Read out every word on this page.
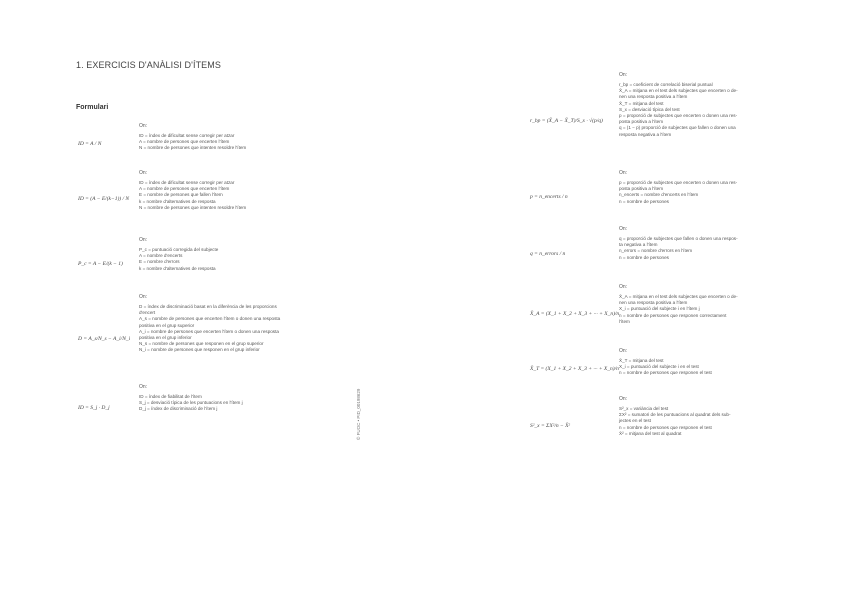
1. EXERCICIS D'ANÀLISI D'ÍTEMS
Formulari
ID = A / N
On:
ID = índex de dificultat sense corregir per atzar
A = nombre de persones que encerten l'ítem
N = nombre de persones que intenten resoldre l'ítem
ID = (A − E/(k−1)) / N
On:
ID = índex de dificultat sense corregir per atzar
A = nombre de persones que encerten l'ítem
E = nombre de persones que fallen l'ítem
k = nombre d'alternatives de resposta
N = nombre de persones que intenten resoldre l'ítem
P_c = A − E/(k − 1)
On:
P_c = puntuació corregida del subjecte
A = nombre d'encerts
E = nombre d'errors
k = nombre d'alternatives de resposta
D = A_s/N_s − A_i/N_i
On:
D = índex de discriminació basat en la diferència de les proporcions
d'encert
A_s = nombre de persones que encerten l'ítem o donen una resposta
positiva en el grup superior
A_i = nombre de persones que encerten l'ítem o donen una resposta
positiva en el grup inferior
N_s = nombre de persones que responen en el grup superior
N_i = nombre de persones que responen en el grup inferior
ID = S_j · D_j
On:
ID = índex de fiabilitat de l'ítem
S_j = desviació típica de les puntuacions en l'ítem j
D_j = índex de discriminació de l'ítem j	© FUOC • PID_00198629
r_bp = (X̄_A − X̄_T)/S_x · √(p/q)
On:
r_bp = coeficient de correlació biserial puntual
X̄_A = mitjana en el test dels subjectes que encerten o de-
nen una resposta positiva a l'ítem
X̄_T = mitjana del test
S_x = desviació típica del test
p = proporció de subjectes que encerten o donen una res-
posta positiva a l'ítem
q = (1 − p) proporció de subjectes que fallen o donen una
resposta negativa a l'ítem
p = n_encerts / n
On:
p = proporció de subjectes que encerten o donen una res-
posta positiva a l'ítem
n_encerts = nombre d'encerts en l'ítem
n = nombre de persones
q = n_errors / n
On:
q = proporció de subjectes que fallen o donen una respos-
ta negativa a l'ítem
n_errors = nombre d'errors en l'ítem
n = nombre de persones
X̄_A = (X_1 + X_2 + X_3 + ··· + X_n)/n
On:
X̄_A = mitjana en el test dels subjectes que encerten o de-
nen una resposta positiva a l'ítem
X_i = puntuació del subjecte i en l'ítem j
n = nombre de persones que responen correctament
l'ítem
X̄_T = (X_1 + X_2 + X_3 + ··· + X_n)/n
On:
X̄_T = mitjana del test
X_i = puntuació del subjecte i en el test
n = nombre de persones que responen el test
S²_x = ΣX²/n − X̄²
On:
S²_x = variància del test
ΣX² = sumatori de les puntuacions al quadrat dels sub-
jectes en el test
n = nombre de persones que responen el test
X̄² = mitjana del test al quadrat
